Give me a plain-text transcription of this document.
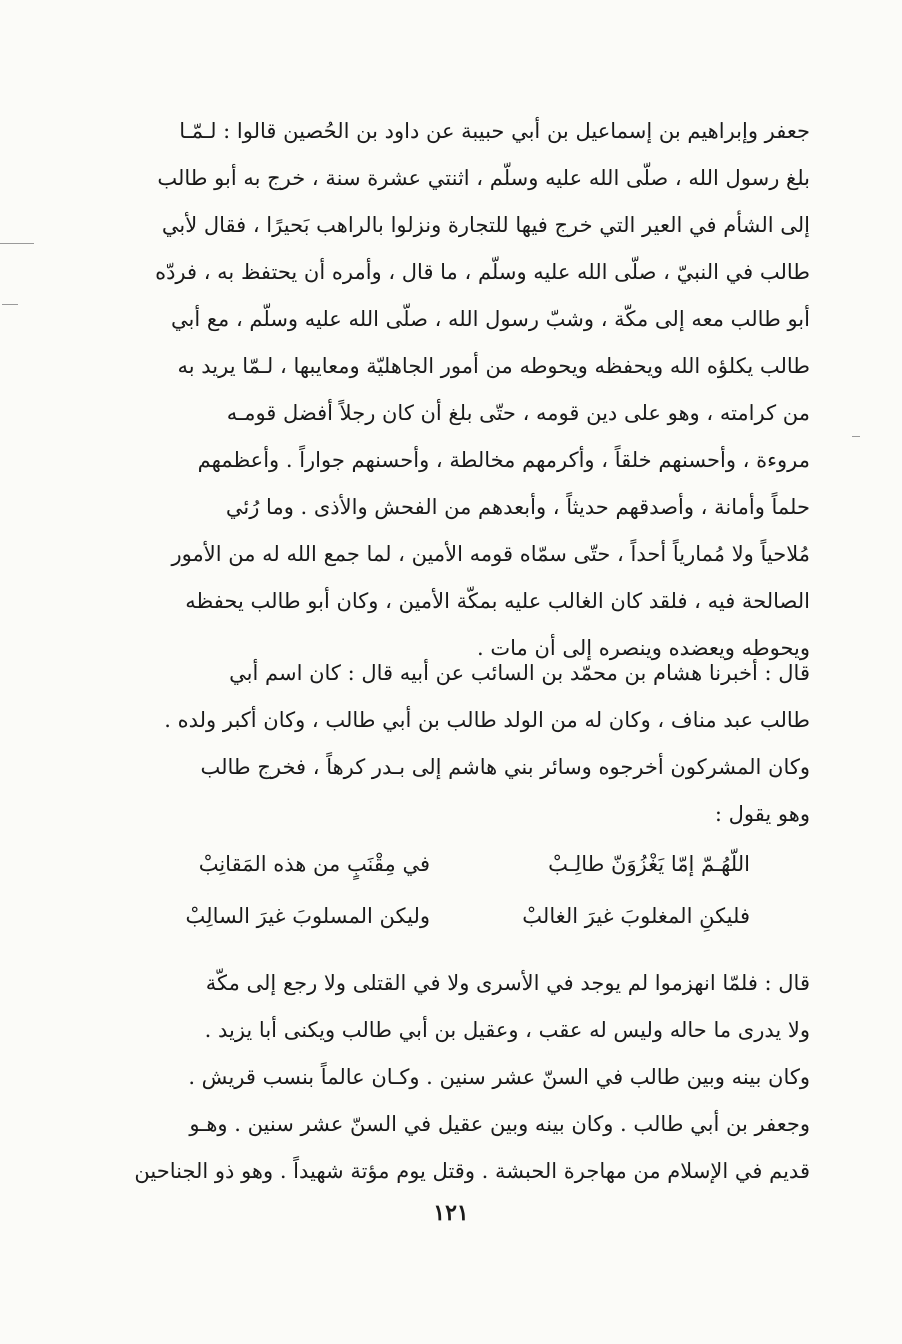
جعفر وإبراهيم بن إسماعيل بن أبي حبيبة عن داود بن الحُصين قالوا : لـمّـا
بلغ رسول الله ، صلّى الله عليه وسلّم ، اثنتي عشرة سنة ، خرج به أبو طالب
إلى الشأم في العير التي خرج فيها للتجارة ونزلوا بالراهب بَحيرًا ، فقال لأبي
طالب في النبيّ ، صلّى الله عليه وسلّم ، ما قال ، وأمره أن يحتفظ به ، فردّه
أبو طالب معه إلى مكّة ، وشبّ رسول الله ، صلّى الله عليه وسلّم ، مع أبي
طالب يكلؤه الله ويحفظه ويحوطه من أمور الجاهليّة ومعايبها ، لـمّا يريد به
من كرامته ، وهو على دين قومه ، حتّى بلغ أن كان رجلاً أفضل قومـه
مروءة ، وأحسنهم خلقاً ، وأكرمهم مخالطة ، وأحسنهم جواراً . وأعظمهم
حلماً وأمانة ، وأصدقهم حديثاً ، وأبعدهم من الفحش والأذى . وما رُئي
مُلاحياً ولا مُمارياً أحداً ، حتّى سمّاه قومه الأمين ، لما جمع الله له من الأمور
الصالحة فيه ، فلقد كان الغالب عليه بمكّة الأمين ، وكان أبو طالب يحفظه
ويحوطه ويعضده وينصره إلى أن مات .
قال : أخبرنا هشام بن محمّد بن السائب عن أبيه قال : كان اسم أبي
طالب عبد مناف ، وكان له من الولد طالب بن أبي طالب ، وكان أكبر ولده .
وكان المشركون أخرجوه وسائر بني هاشم إلى بـدر كرهاً ، فخرج طالب
وهو يقول :
اللّهُـمّ إمّا يَغْزُوَنّ طالِـبْ
في مِقْنَبٍ من هذه المَقانِبْ
فليكنِ المغلوبَ غيرَ الغالبْ
وليكن المسلوبَ غيرَ السالِبْ
قال : فلمّا انهزموا لم يوجد في الأسرى ولا في القتلى ولا رجع إلى مكّة
ولا يدرى ما حاله وليس له عقب ، وعقيل بن أبي طالب ويكنى أبا يزيد .
وكان بينه وبين طالب في السنّ عشر سنين . وكـان عالماً بنسب قريش .
وجعفر بن أبي طالب . وكان بينه وبين عقيل في السنّ عشر سنين . وهـو
قديم في الإسلام من مهاجرة الحبشة . وقتل يوم مؤتة شهيداً . وهو ذو الجناحين
١٢١
